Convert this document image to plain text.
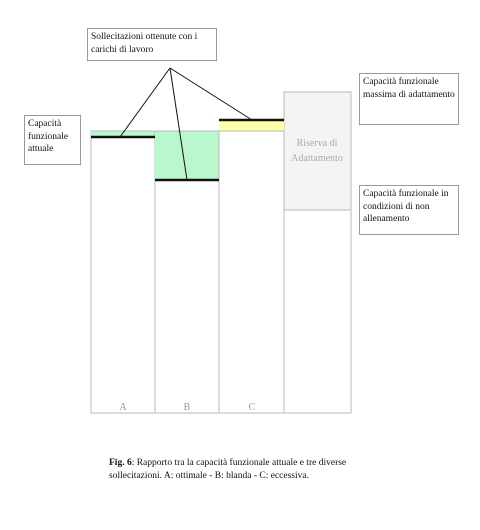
Riserva di
Adattamento
A	B	C
Sollecitazioni ottenute con i carichi di lavoro
Capacità funzionale attuale
Capacità funzionale massima di adattamento
Capacità funzionale in condizioni di non allenamento
Fig. 6: Rapporto tra la capacità funzionale attuale e tre diverse sollecitazioni. A: ottimale - B: blanda - C: eccessiva.
